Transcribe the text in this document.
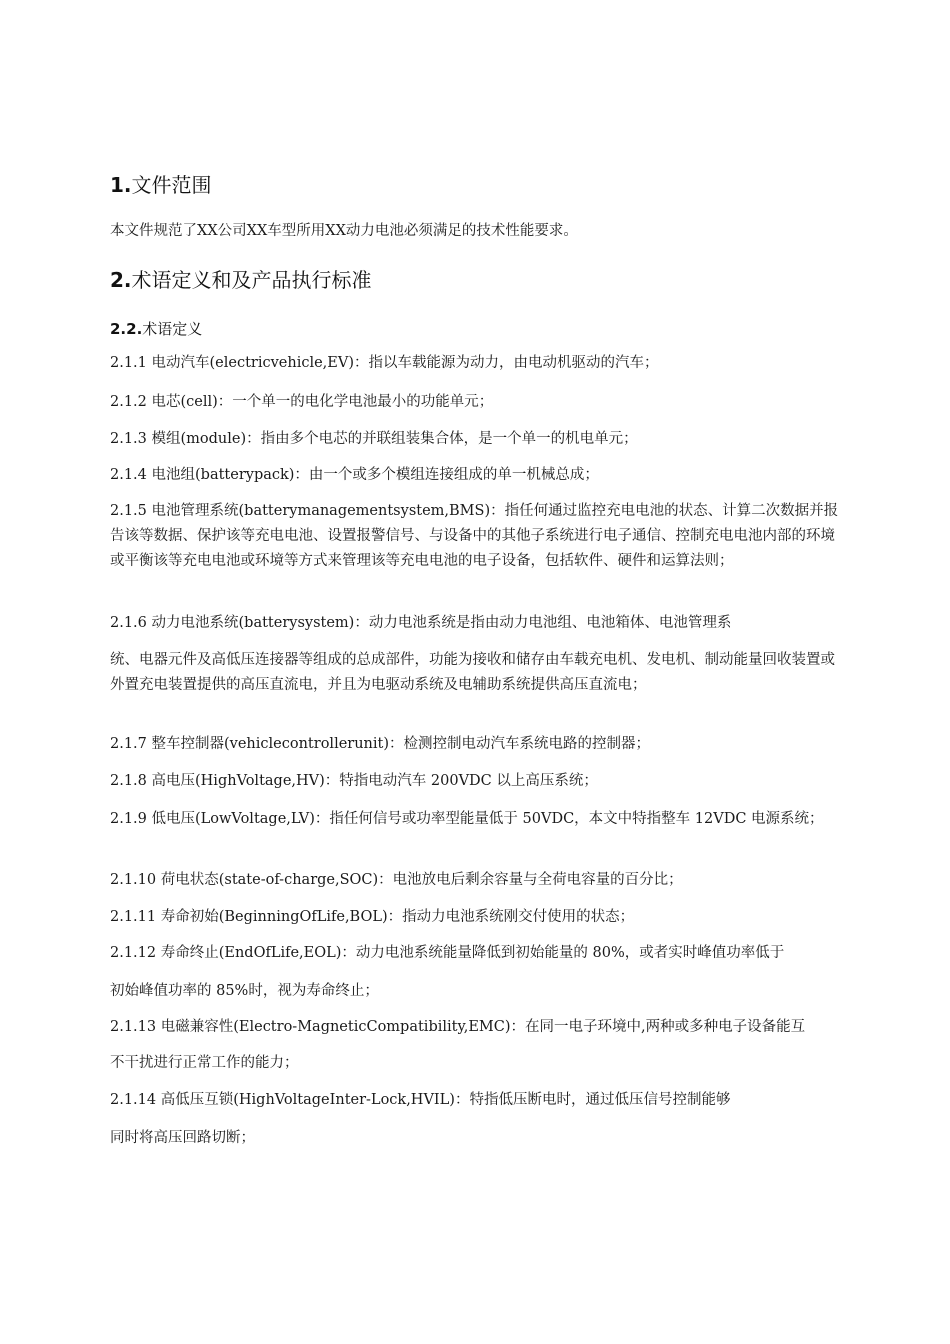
1.文件范围
本文件规范了XX公司XX车型所用XX动力电池必须满足的技术性能要求。
2.术语定义和及产品执行标准
2.2.术语定义
2.1.1 电动汽车(electricvehicle,EV)：指以车载能源为动力，由电动机驱动的汽车；
2.1.2 电芯(cell)：一个单一的电化学电池最小的功能单元；
2.1.3 模组(module)：指由多个电芯的并联组装集合体，是一个单一的机电单元；
2.1.4 电池组(batterypack)：由一个或多个模组连接组成的单一机械总成；
2.1.5 电池管理系统(batterymanagementsystem,BMS)：指任何通过监控充电电池的状态、计算二次数据并报告该等数据、保护该等充电电池、设置报警信号、与设备中的其他子系统进行电子通信、控制充电电池内部的环境或平衡该等充电电池或环境等方式来管理该等充电电池的电子设备，包括软件、硬件和运算法则；
2.1.6 动力电池系统(batterysystem)：动力电池系统是指由动力电池组、电池箱体、电池管理系
统、电器元件及高低压连接器等组成的总成部件，功能为接收和储存由车载充电机、发电机、制动能量回收装置或外置充电装置提供的高压直流电，并且为电驱动系统及电辅助系统提供高压直流电；
2.1.7 整车控制器(vehiclecontrollerunit)：检测控制电动汽车系统电路的控制器；
2.1.8 高电压(HighVoltage,HV)：特指电动汽车 200VDC 以上高压系统；
2.1.9 低电压(LowVoltage,LV)：指任何信号或功率型能量低于 50VDC，本文中特指整车 12VDC 电源系统；
2.1.10 荷电状态(state-of-charge,SOC)：电池放电后剩余容量与全荷电容量的百分比；
2.1.11 寿命初始(BeginningOfLife,BOL)：指动力电池系统刚交付使用的状态；
2.1.12 寿命终止(EndOfLife,EOL)：动力电池系统能量降低到初始能量的 80%，或者实时峰值功率低于
初始峰值功率的 85%时，视为寿命终止；
2.1.13 电磁兼容性(Electro-MagneticCompatibility,EMC)：在同一电子环境中,两种或多种电子设备能互
不干扰进行正常工作的能力；
2.1.14 高低压互锁(HighVoltageInter-Lock,HVIL)：特指低压断电时，通过低压信号控制能够
同时将高压回路切断；
